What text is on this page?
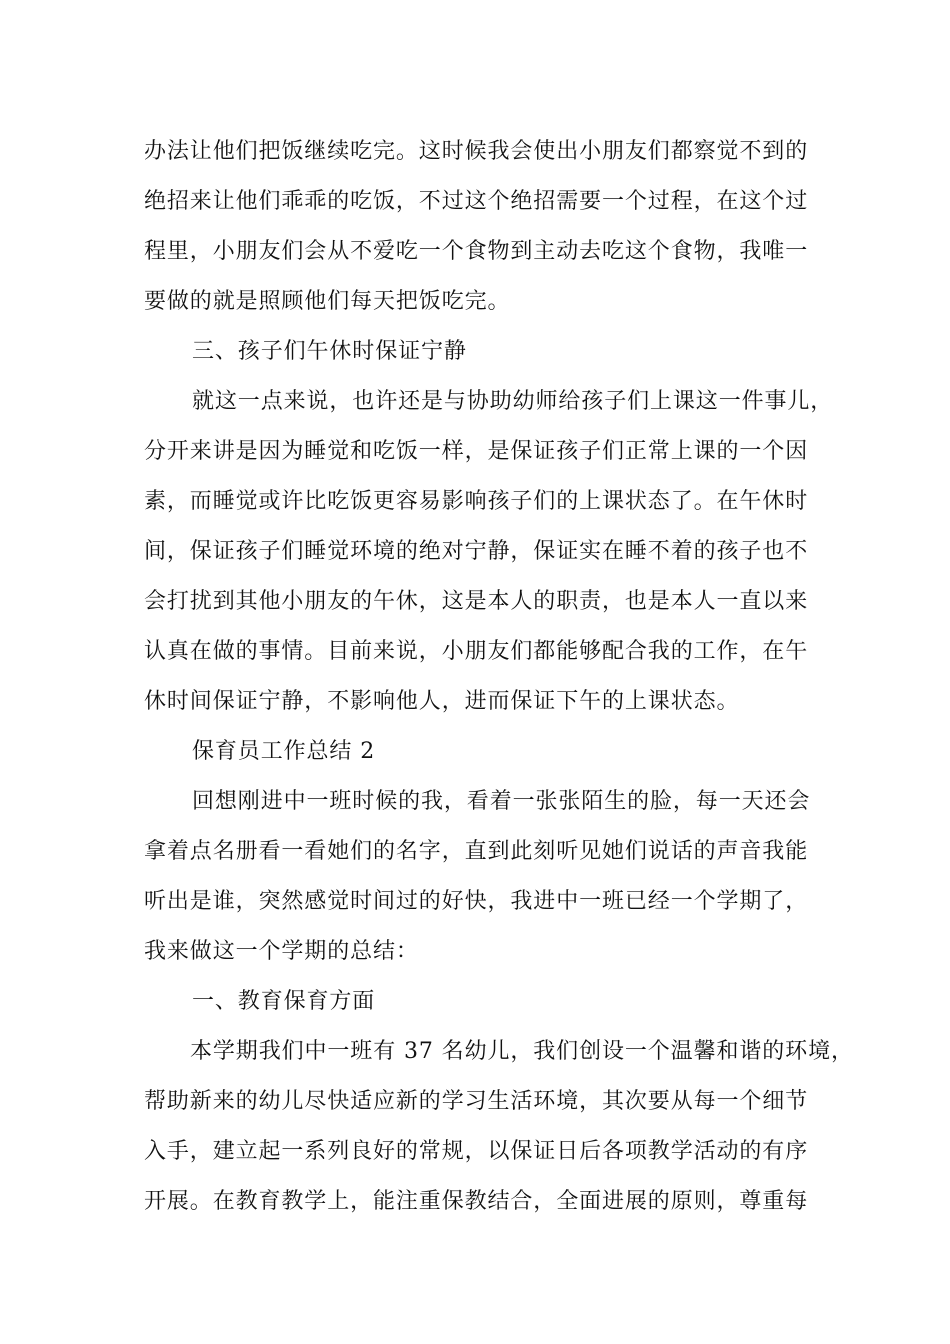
办法让他们把饭继续吃完。这时候我会使出小朋友们都察觉不到的
绝招来让他们乖乖的吃饭，不过这个绝招需要一个过程，在这个过
程里，小朋友们会从不爱吃一个食物到主动去吃这个食物，我唯一
要做的就是照顾他们每天把饭吃完。
三、孩子们午休时保证宁静
就这一点来说，也许还是与协助幼师给孩子们上课这一件事儿，
分开来讲是因为睡觉和吃饭一样，是保证孩子们正常上课的一个因
素，而睡觉或许比吃饭更容易影响孩子们的上课状态了。在午休时
间，保证孩子们睡觉环境的绝对宁静，保证实在睡不着的孩子也不
会打扰到其他小朋友的午休，这是本人的职责，也是本人一直以来
认真在做的事情。目前来说，小朋友们都能够配合我的工作，在午
休时间保证宁静，不影响他人，进而保证下午的上课状态。
保育员工作总结 2
回想刚进中一班时候的我，看着一张张陌生的脸，每一天还会
拿着点名册看一看她们的名字，直到此刻听见她们说话的声音我能
听出是谁，突然感觉时间过的好快，我进中一班已经一个学期了，
我来做这一个学期的总结：
一、教育保育方面
本学期我们中一班有 37 名幼儿，我们创设一个温馨和谐的环境，
帮助新来的幼儿尽快适应新的学习生活环境，其次要从每一个细节
入手，建立起一系列良好的常规，以保证日后各项教学活动的有序
开展。在教育教学上，能注重保教结合，全面进展的原则，尊重每
